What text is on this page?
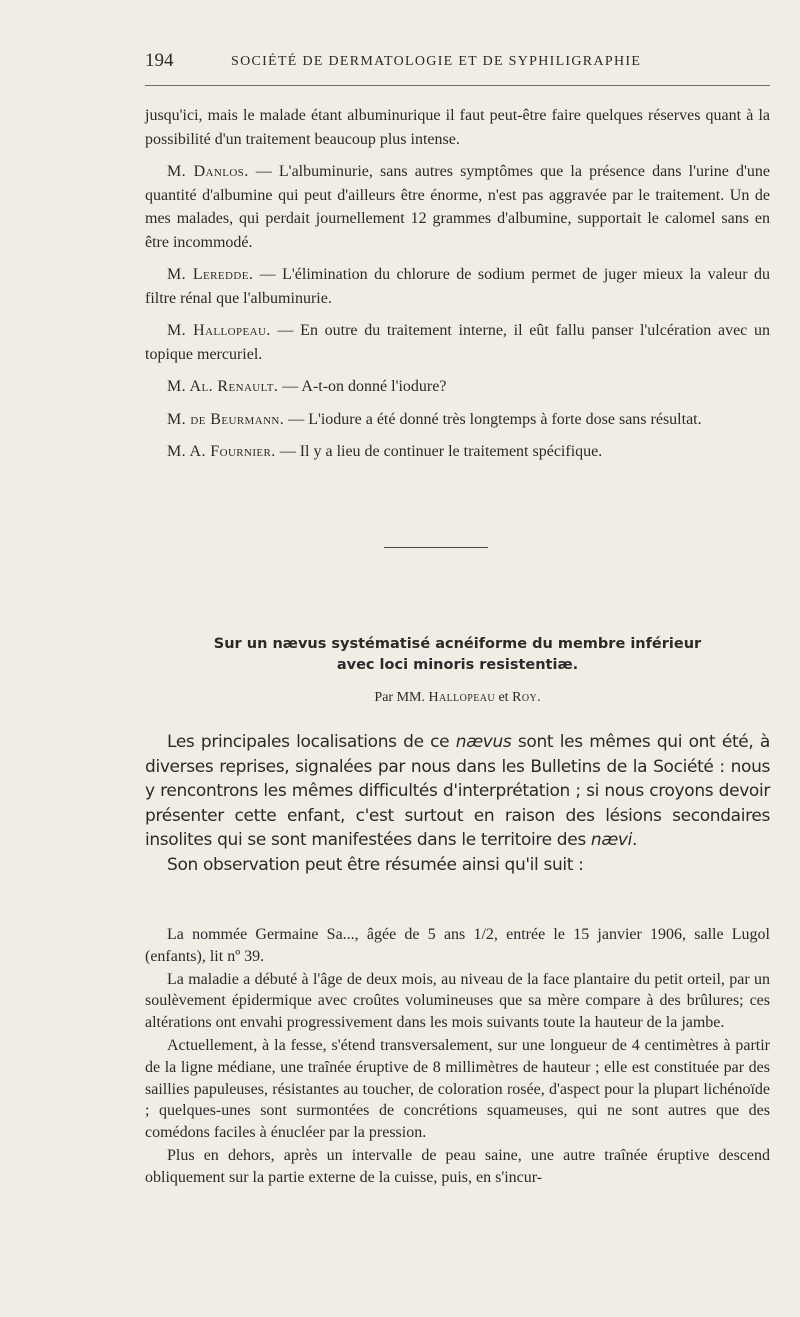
194	SOCIÉTÉ DE DERMATOLOGIE ET DE SYPHILIGRAPHIE

jusqu'ici, mais le malade étant albuminurique il faut peut-être faire quelques réserves quant à la possibilité d'un traitement beaucoup plus intense.

M. Danlos. — L'albuminurie, sans autres symptômes que la présence dans l'urine d'une quantité d'albumine qui peut d'ailleurs être énorme, n'est pas aggravée par le traitement. Un de mes malades, qui perdait journellement 12 grammes d'albumine, supportait le calomel sans en être incommodé.

M. Leredde. — L'élimination du chlorure de sodium permet de juger mieux la valeur du filtre rénal que l'albuminurie.

M. Hallopeau. — En outre du traitement interne, il eût fallu panser l'ulcération avec un topique mercuriel.

M. Al. Renault. — A-t-on donné l'iodure?

M. de Beurmann. — L'iodure a été donné très longtemps à forte dose sans résultat.

M. A. Fournier. — Il y a lieu de continuer le traitement spécifique.

Sur un nævus systématisé acnéiforme du membre inférieur
avec loci minoris resistentiæ.
Par MM. Hallopeau et Roy.

Les principales localisations de ce nævus sont les mêmes qui ont été, à diverses reprises, signalées par nous dans les Bulletins de la Société : nous y rencontrons les mêmes difficultés d'interprétation ; si nous croyons devoir présenter cette enfant, c'est surtout en raison des lésions secondaires insolites qui se sont manifestées dans le territoire des nævi.

Son observation peut être résumée ainsi qu'il suit :

La nommée Germaine Sa..., âgée de 5 ans 1/2, entrée le 15 janvier 1906, salle Lugol (enfants), lit nº 39.

La maladie a débuté à l'âge de deux mois, au niveau de la face plantaire du petit orteil, par un soulèvement épidermique avec croûtes volumineuses que sa mère compare à des brûlures; ces altérations ont envahi progressivement dans les mois suivants toute la hauteur de la jambe.

Actuellement, à la fesse, s'étend transversalement, sur une longueur de 4 centimètres à partir de la ligne médiane, une traînée éruptive de 8 millimètres de hauteur ; elle est constituée par des saillies papuleuses, résistantes au toucher, de coloration rosée, d'aspect pour la plupart lichénoïde ; quelques-unes sont surmontées de concrétions squameuses, qui ne sont autres que des comédons faciles à énucléer par la pression.

Plus en dehors, après un intervalle de peau saine, une autre traînée éruptive descend obliquement sur la partie externe de la cuisse, puis, en s'incur-
